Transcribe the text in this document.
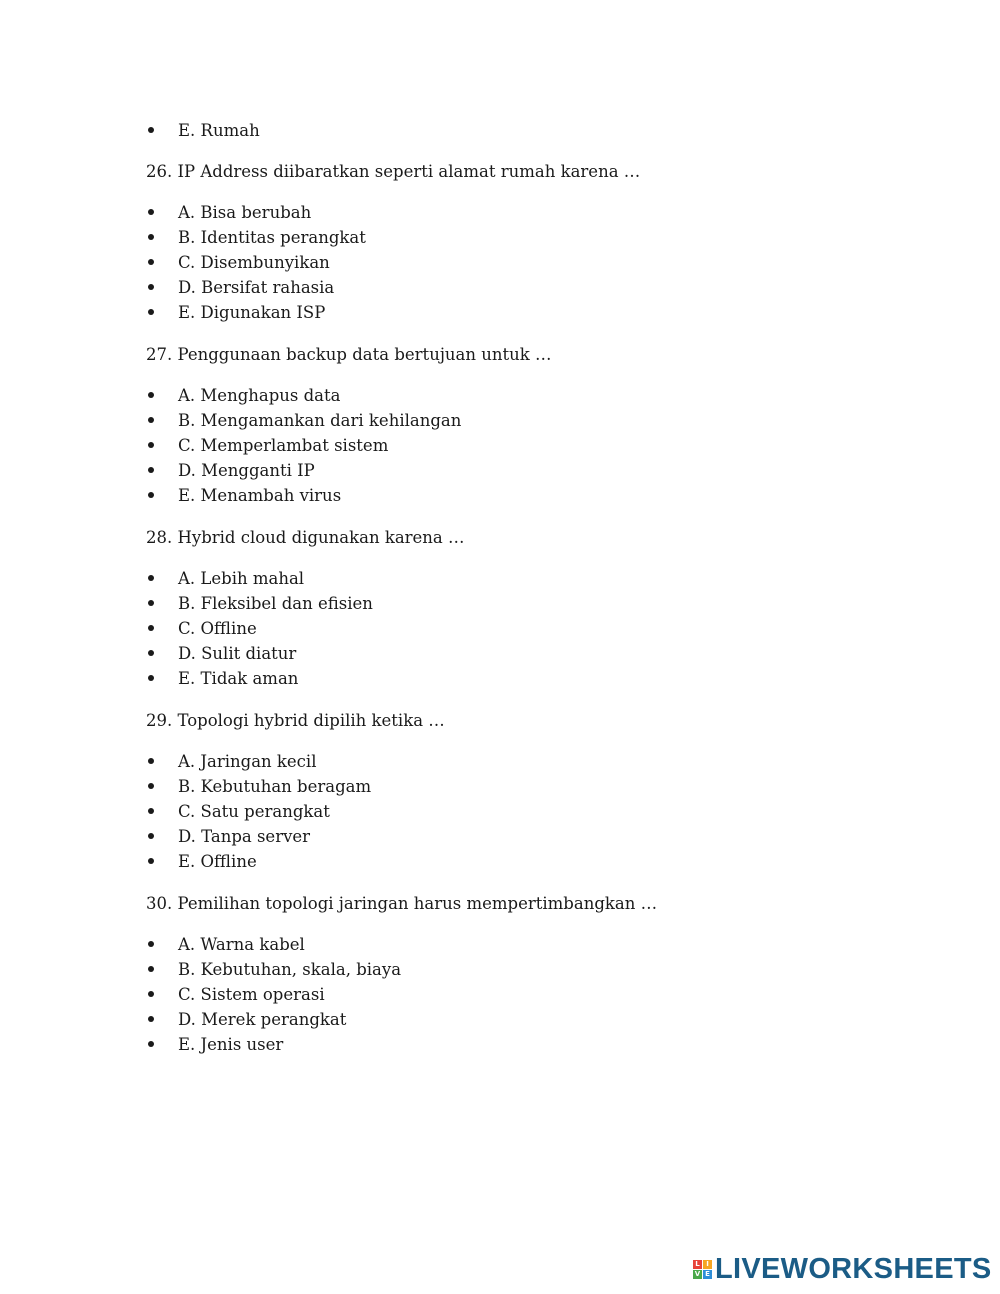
E. Rumah
26. IP Address diibaratkan seperti alamat rumah karena …
A. Bisa berubah
B. Identitas perangkat
C. Disembunyikan
D. Bersifat rahasia
E. Digunakan ISP
27. Penggunaan backup data bertujuan untuk …
A. Menghapus data
B. Mengamankan dari kehilangan
C. Memperlambat sistem
D. Mengganti IP
E. Menambah virus
28. Hybrid cloud digunakan karena …
A. Lebih mahal
B. Fleksibel dan efisien
C. Offline
D. Sulit diatur
E. Tidak aman
29. Topologi hybrid dipilih ketika …
A. Jaringan kecil
B. Kebutuhan beragam
C. Satu perangkat
D. Tanpa server
E. Offline
30. Pemilihan topologi jaringan harus mempertimbangkan …
A. Warna kabel
B. Kebutuhan, skala, biaya
C. Sistem operasi
D. Merek perangkat
E. Jenis user
L I
V E LIVEWORKSHEETS
